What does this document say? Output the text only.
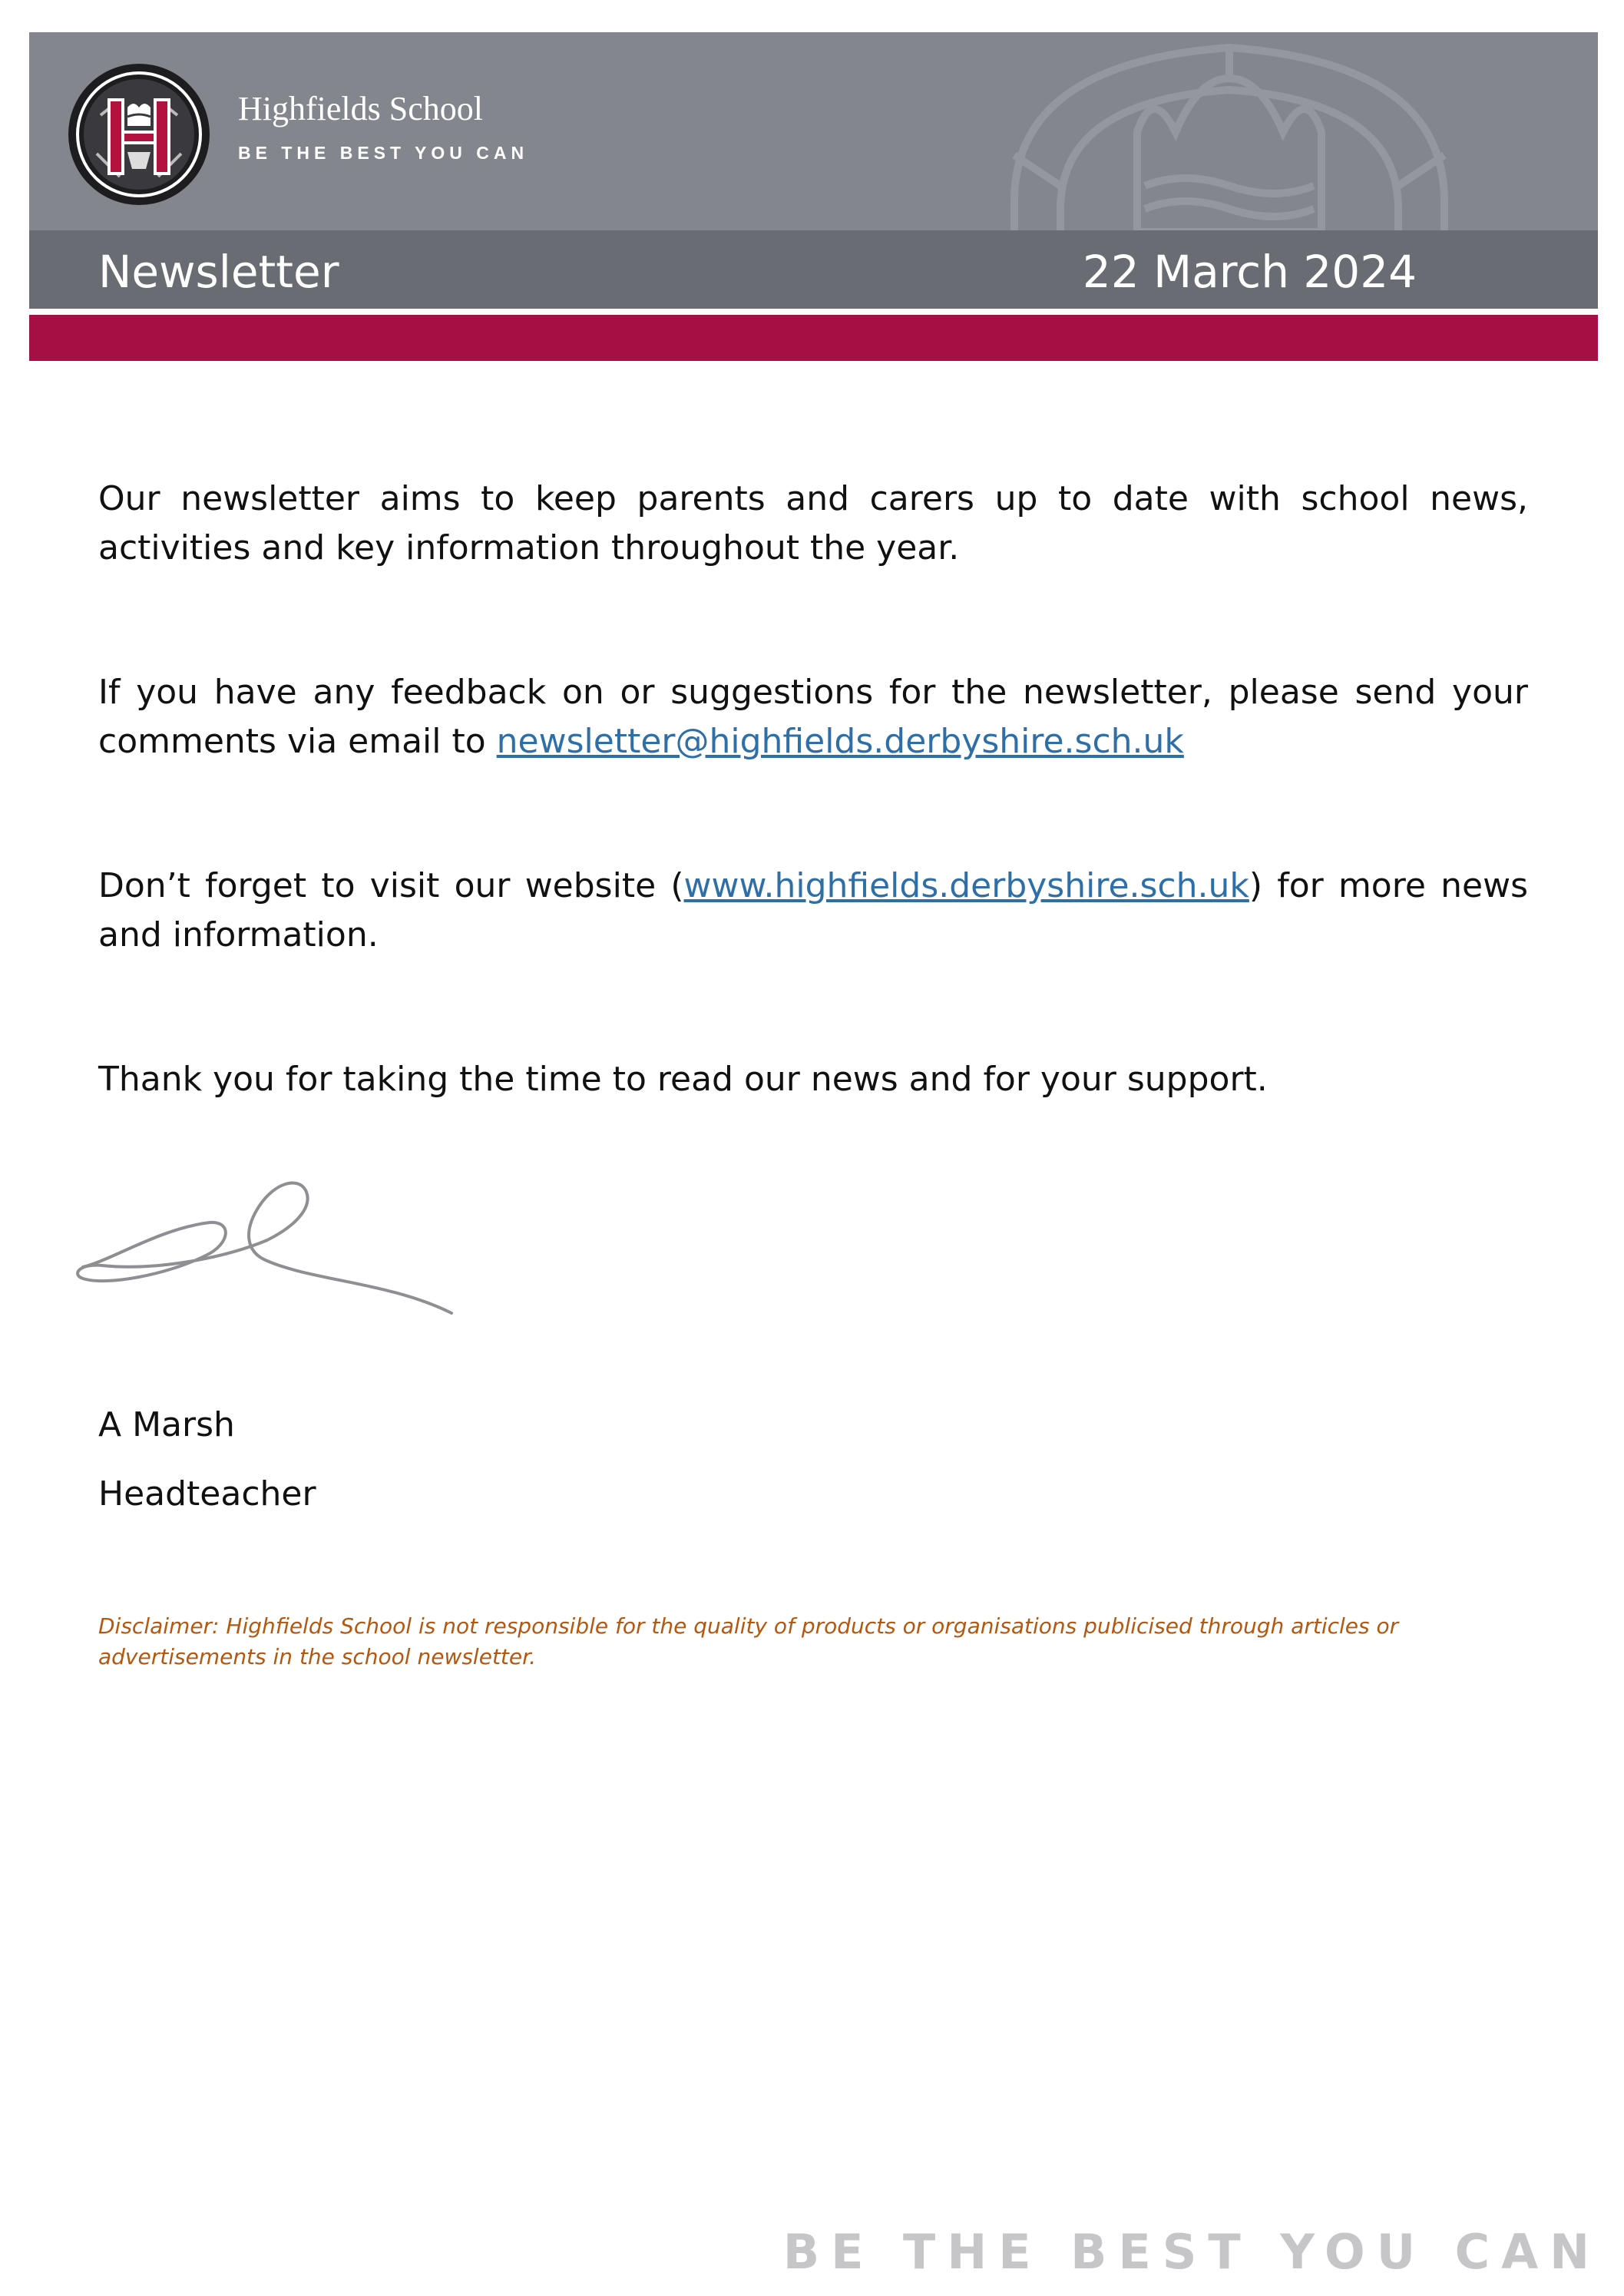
Highfields School
BE THE BEST YOU CAN
Newsletter	22 March 2024

Our newsletter aims to keep parents and carers up to date with school news, activities and key information throughout the year.

If you have any feedback on or suggestions for the newsletter, please send your comments via email to newsletter@highfields.derbyshire.sch.uk

Don’t forget to visit our website (www.highfields.derbyshire.sch.uk) for more news and information.

Thank you for taking the time to read our news and for your support.

A Marsh
Headteacher
Disclaimer: Highfields School is not responsible for the quality of products or organisations publicised through articles or advertisements in the school newsletter.
BE THE BEST YOU CAN
